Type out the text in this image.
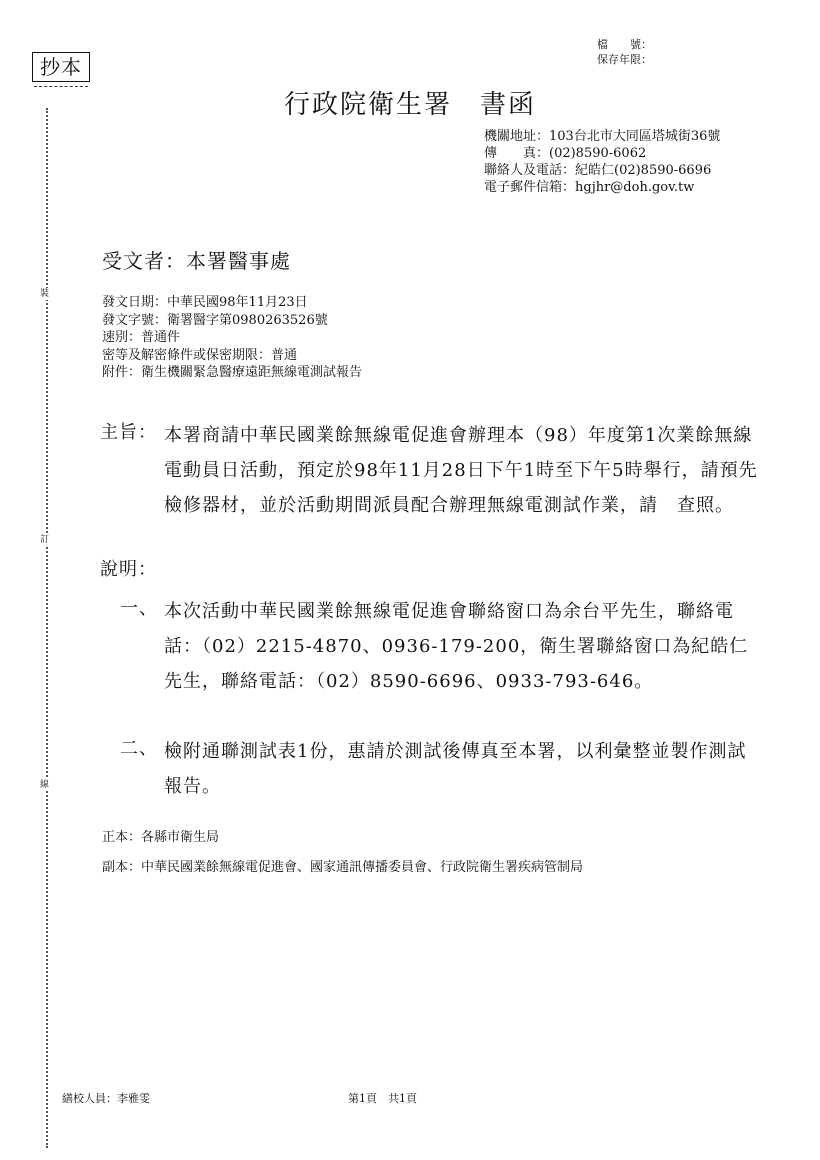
抄本
檔　　號：
保存年限：
行政院衛生署　書函
機關地址：103台北市大同區塔城街36號
傳　　真：(02)8590-6062
聯絡人及電話：紀皓仁(02)8590-6696
電子郵件信箱：hgjhr@doh.gov.tw
裝
訂
線
受文者：本署醫事處
發文日期：中華民國98年11月23日
發文字號：衛署醫字第0980263526號
速別：普通件
密等及解密條件或保密期限：普通
附件：衛生機關緊急醫療遠距無線電測試報告
主旨： 本署商請中華民國業餘無線電促進會辦理本（98）年度第1次業餘無線電動員日活動，預定於98年11月28日下午1時至下午5時舉行，請預先檢修器材，並於活動期間派員配合辦理無線電測試作業，請　查照。
說明：
一、 本次活動中華民國業餘無線電促進會聯絡窗口為余台平先生，聯絡電話：（02）2215-4870、0936-179-200，衛生署聯絡窗口為紀皓仁先生，聯絡電話：（02）8590-6696、0933-793-646。
二、 檢附通聯測試表1份，惠請於測試後傳真至本署，以利彙整並製作測試報告。
正本：各縣市衛生局
副本：中華民國業餘無線電促進會、國家通訊傳播委員會、行政院衛生署疾病管制局
繕校人員：李雅雯	第1頁　共1頁
